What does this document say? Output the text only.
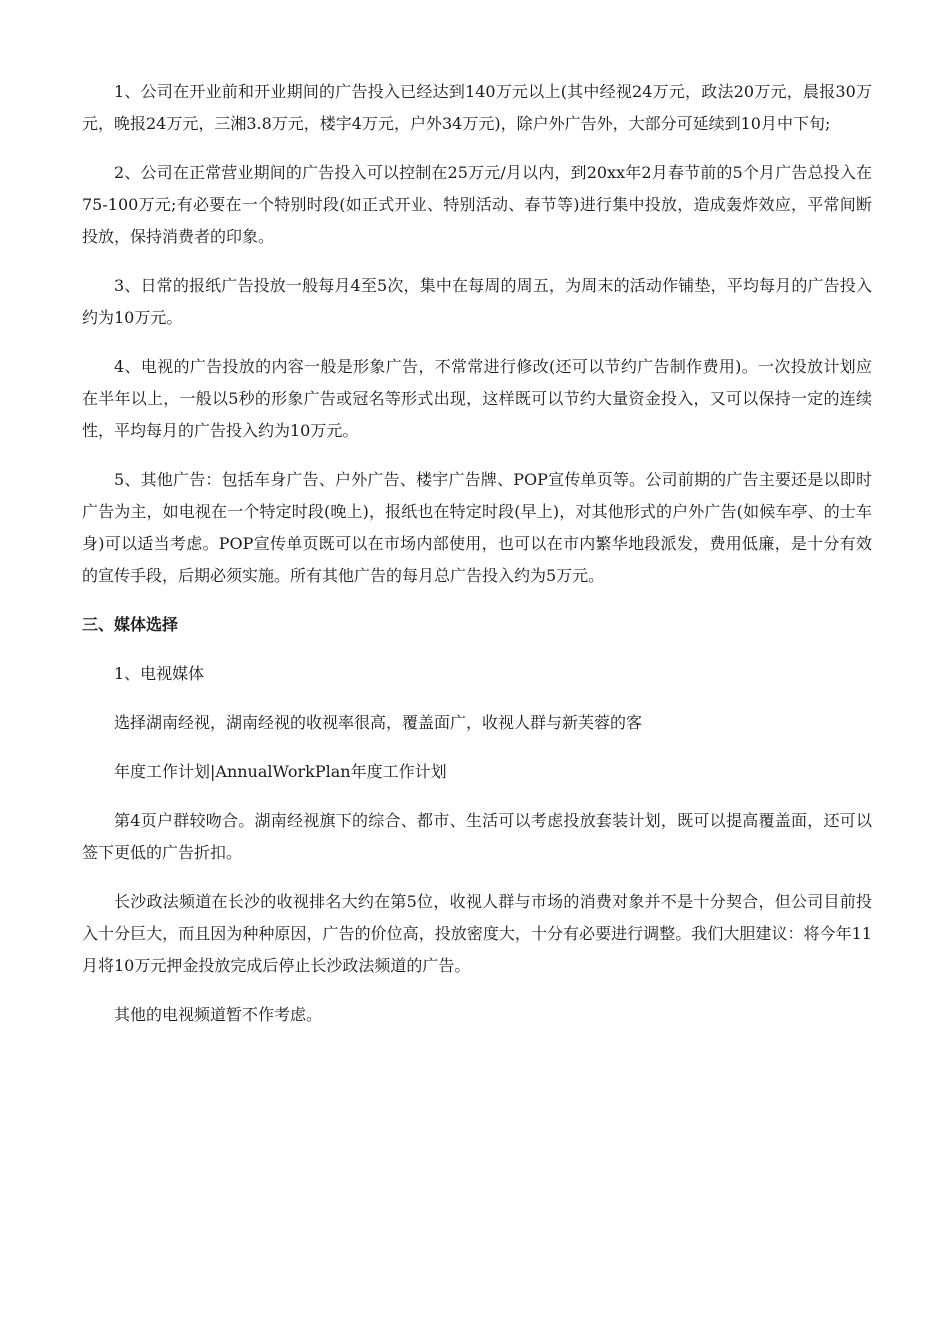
1、公司在开业前和开业期间的广告投入已经达到140万元以上(其中经视24万元，政法20万元，晨报30万元，晚报24万元，三湘3.8万元，楼宇4万元，户外34万元)，除户外广告外，大部分可延续到10月中下旬;

2、公司在正常营业期间的广告投入可以控制在25万元/月以内，到20xx年2月春节前的5个月广告总投入在75-100万元;有必要在一个特别时段(如正式开业、特别活动、春节等)进行集中投放，造成轰炸效应，平常间断投放，保持消费者的印象。

3、日常的报纸广告投放一般每月4至5次，集中在每周的周五，为周末的活动作铺垫，平均每月的广告投入约为10万元。

4、电视的广告投放的内容一般是形象广告，不常常进行修改(还可以节约广告制作费用)。一次投放计划应在半年以上，一般以5秒的形象广告或冠名等形式出现，这样既可以节约大量资金投入，又可以保持一定的连续性，平均每月的广告投入约为10万元。

5、其他广告：包括车身广告、户外广告、楼宇广告牌、POP宣传单页等。公司前期的广告主要还是以即时广告为主，如电视在一个特定时段(晚上)，报纸也在特定时段(早上)，对其他形式的户外广告(如候车亭、的士车身)可以适当考虑。POP宣传单页既可以在市场内部使用，也可以在市内繁华地段派发，费用低廉，是十分有效的宣传手段，后期必须实施。所有其他广告的每月总广告投入约为5万元。

三、媒体选择

1、电视媒体

选择湖南经视，湖南经视的收视率很高，覆盖面广，收视人群与新芙蓉的客

年度工作计划|AnnualWorkPlan年度工作计划

第4页户群较吻合。湖南经视旗下的综合、都市、生活可以考虑投放套装计划，既可以提高覆盖面，还可以签下更低的广告折扣。

长沙政法频道在长沙的收视排名大约在第5位，收视人群与市场的消费对象并不是十分契合，但公司目前投入十分巨大，而且因为种种原因，广告的价位高，投放密度大，十分有必要进行调整。我们大胆建议：将今年11月将10万元押金投放完成后停止长沙政法频道的广告。

其他的电视频道暂不作考虑。
